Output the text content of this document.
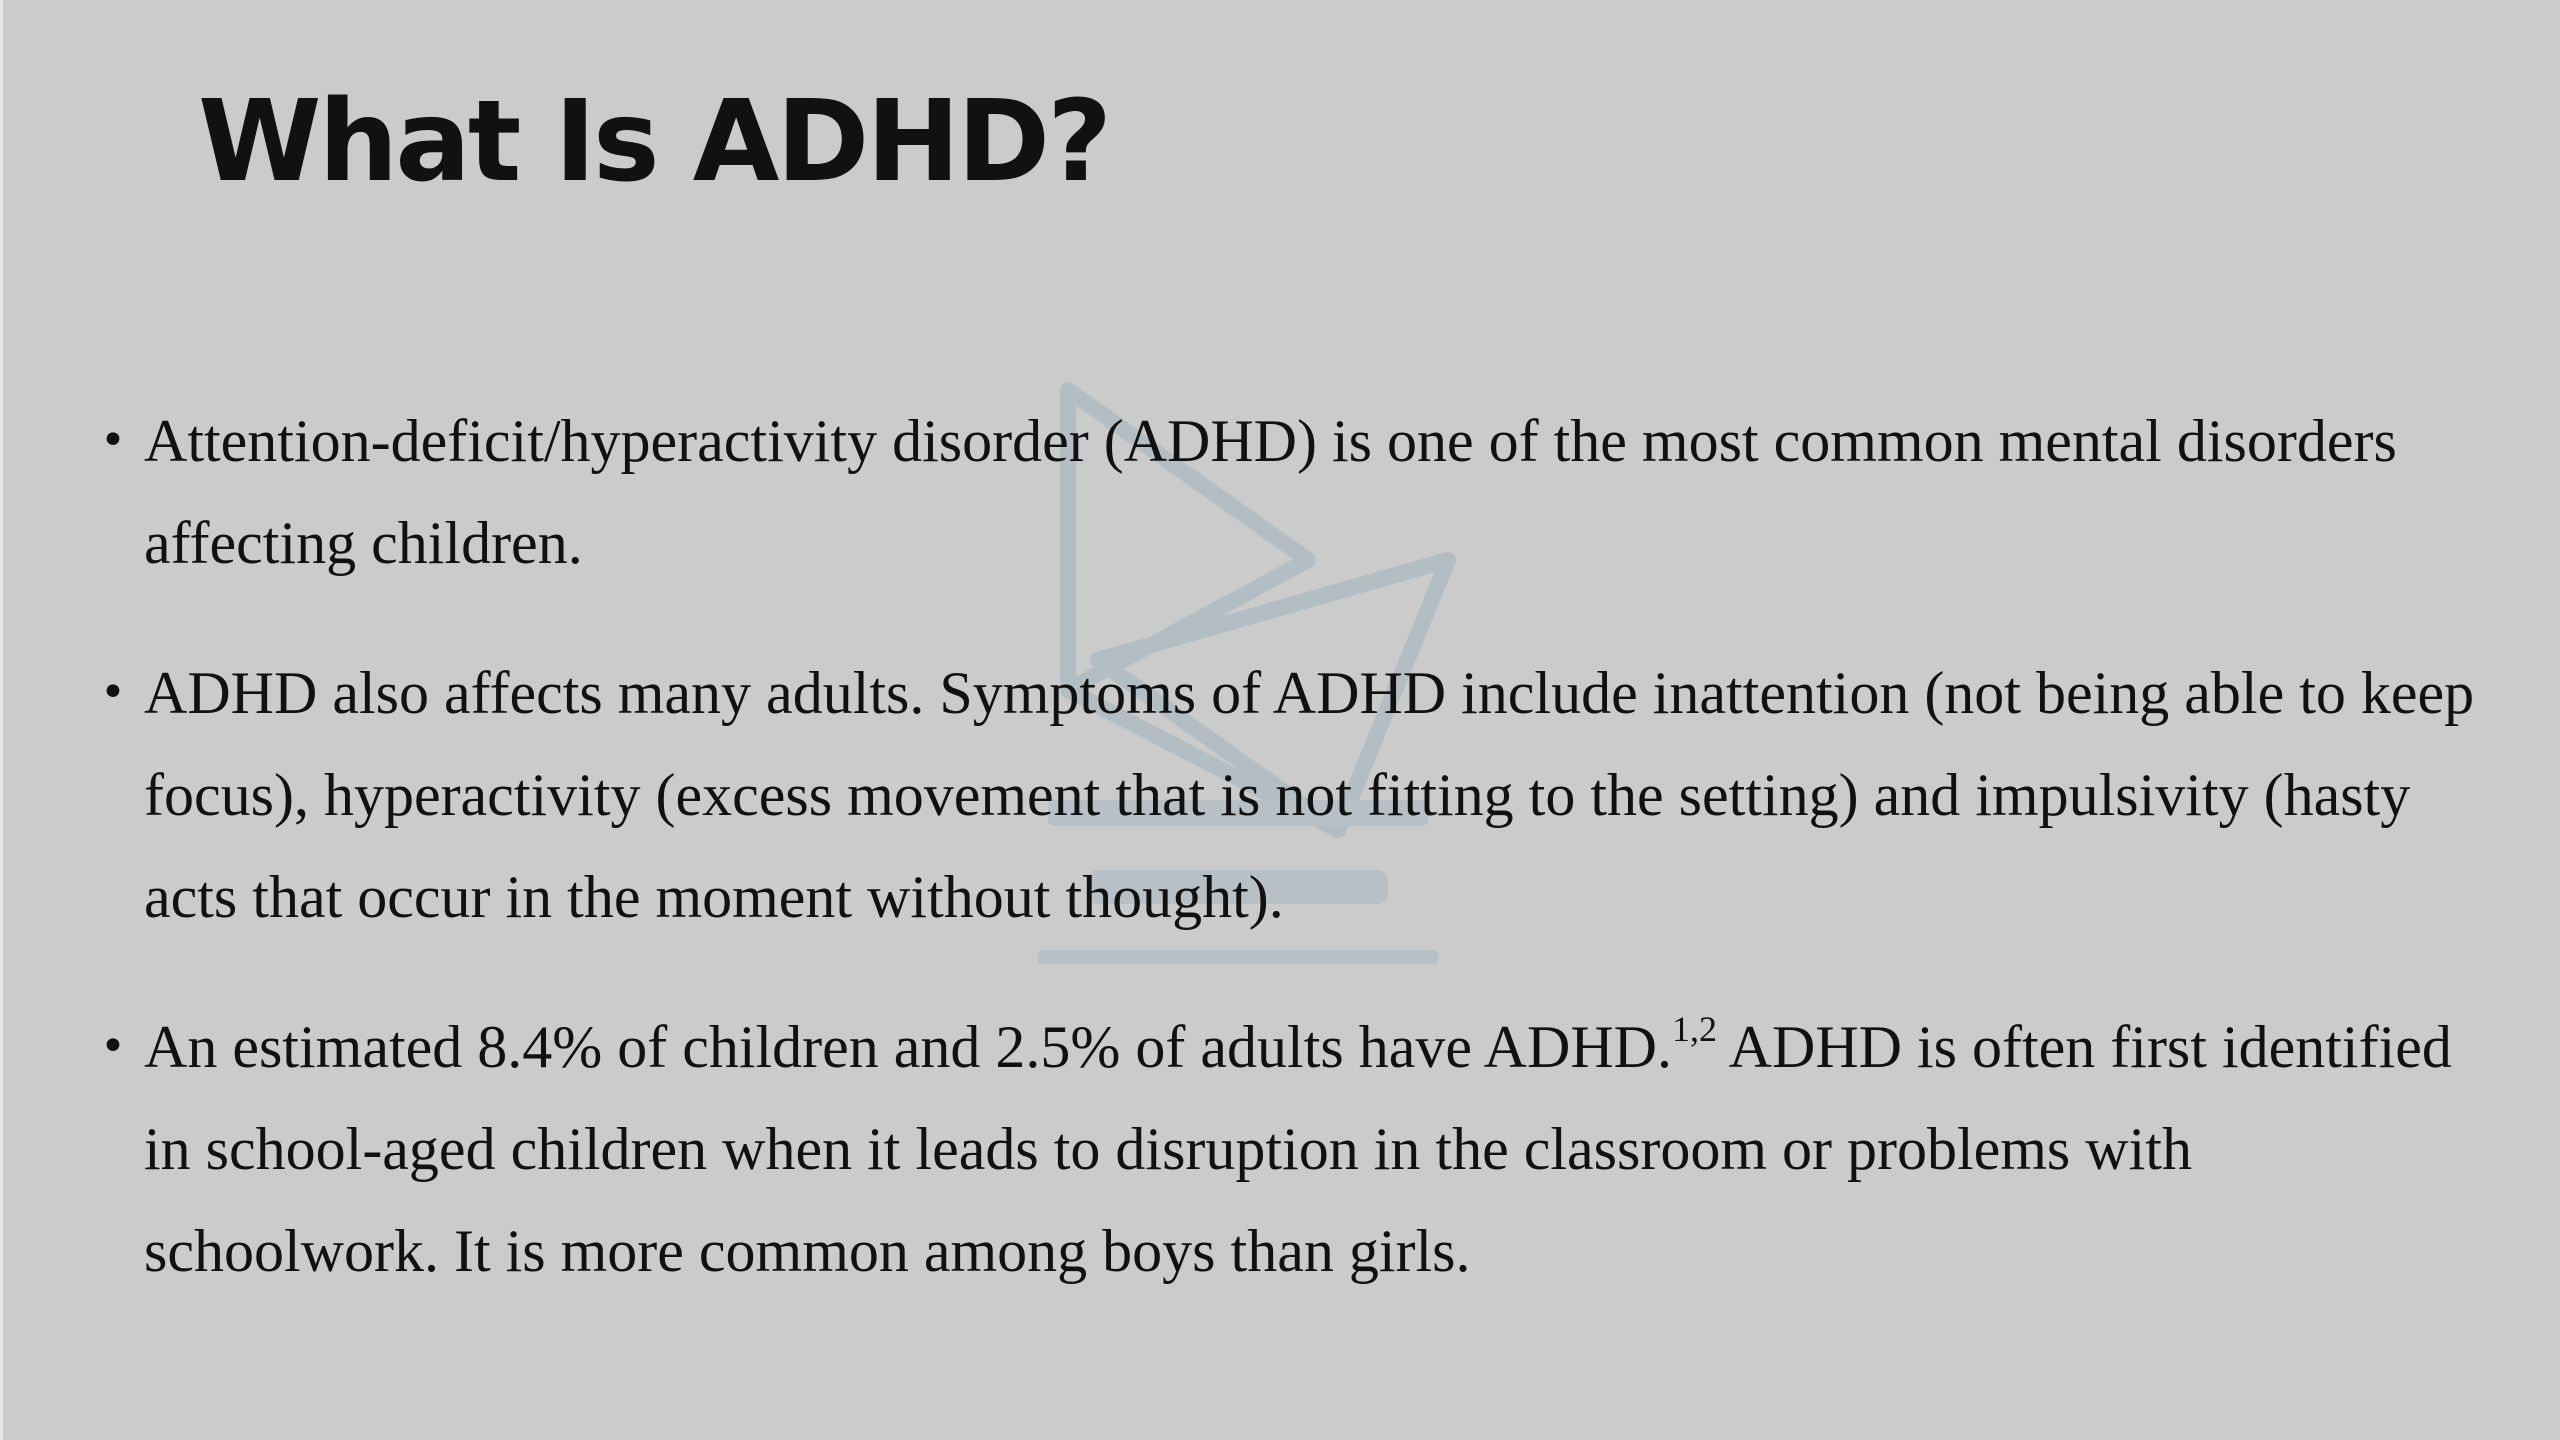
What Is ADHD?
• Attention-deficit/hyperactivity disorder (ADHD) is one of the most common mental disorders affecting children.
• ADHD also affects many adults. Symptoms of ADHD include inattention (not being able to keep focus), hyperactivity (excess movement that is not fitting to the setting) and impulsivity (hasty acts that occur in the moment without thought).
• An estimated 8.4% of children and 2.5% of adults have ADHD.$^{1,2}$ ADHD is often first identified in school-aged children when it leads to disruption in the classroom or problems with schoolwork. It is more common among boys than girls.
